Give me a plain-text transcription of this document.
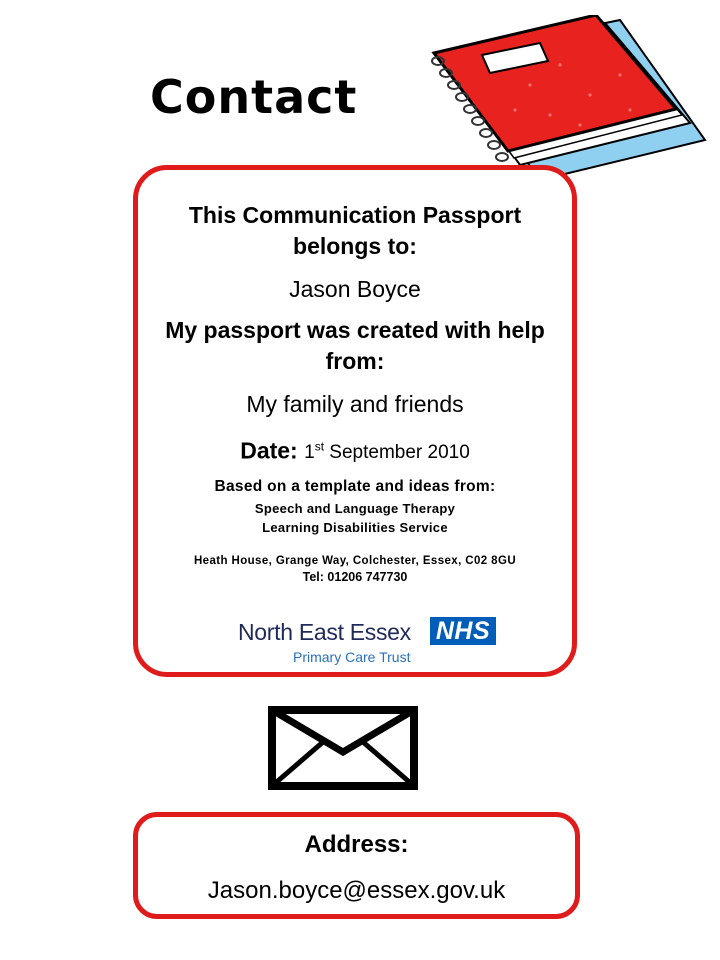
Contact

This Communication Passport belongs to:

Jason Boyce

My passport was created with help from:

My family and friends

Date: 1st September 2010

Based on a template and ideas from:

Speech and Language Therapy

Learning Disabilities Service

Heath House, Grange Way, Colchester, Essex, C02 8GU

Tel: 01206 747730

North East Essex NHS
Primary Care Trust
Address:
Jason.boyce@essex.gov.uk
